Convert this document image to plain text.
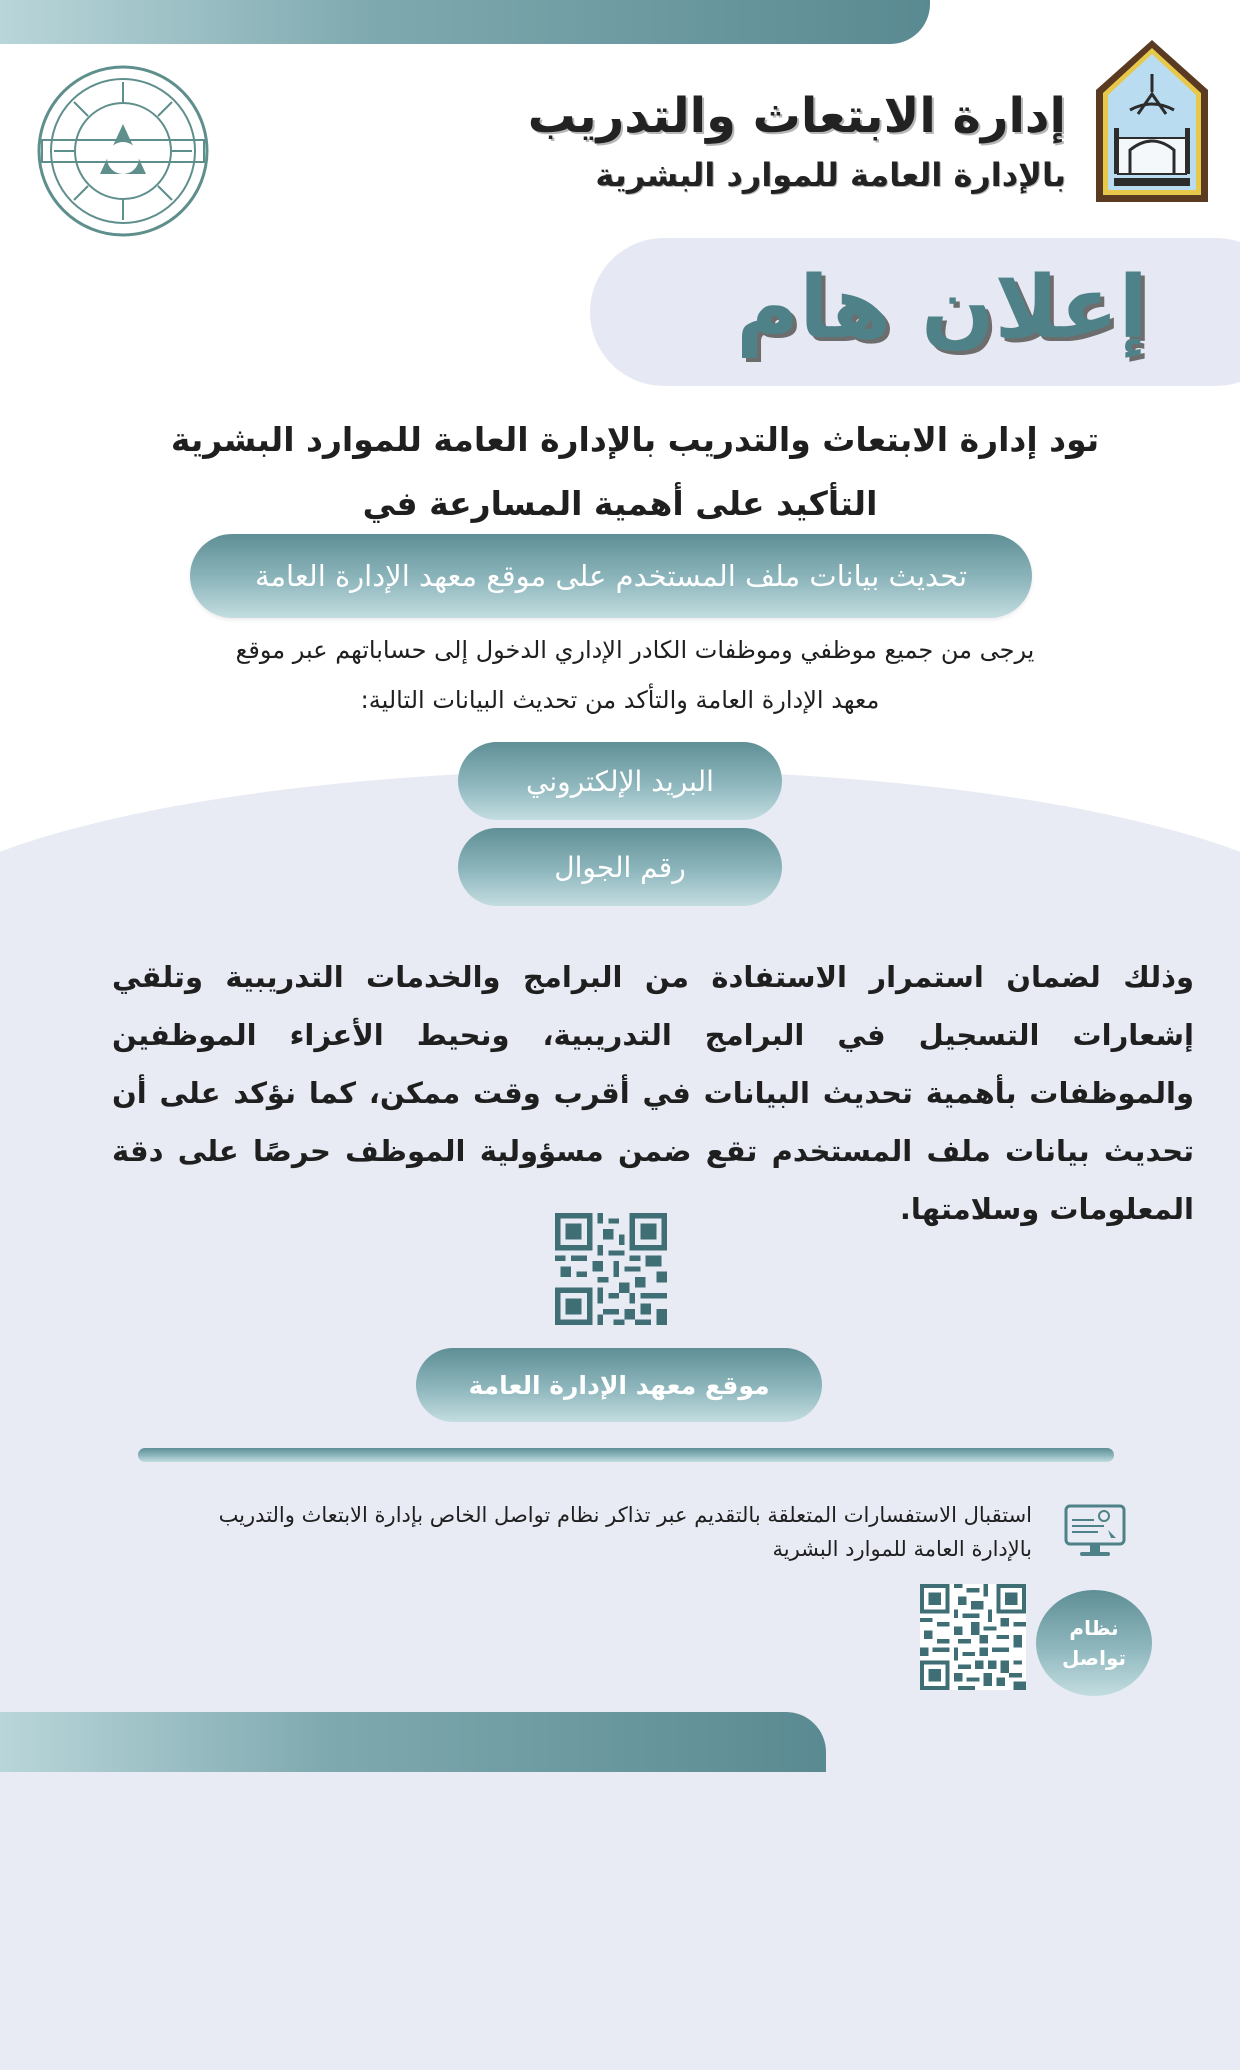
إدارة الابتعاث والتدريب
بالإدارة العامة للموارد البشرية
إعلان هام
تود إدارة الابتعاث والتدريب بالإدارة العامة للموارد البشرية
التأكيد على أهمية المسارعة في
تحديث بيانات ملف المستخدم على موقع معهد الإدارة العامة
يرجى من جميع موظفي وموظفات الكادر الإداري الدخول إلى حساباتهم عبر موقع
معهد الإدارة العامة والتأكد من تحديث البيانات التالية:
البريد الإلكتروني
رقم الجوال
وذلك لضمان استمرار الاستفادة من البرامج والخدمات التدريبية وتلقي إشعارات التسجيل في البرامج التدريبية، ونحيط الأعزاء الموظفين والموظفات بأهمية تحديث البيانات في أقرب وقت ممكن، كما نؤكد على أن تحديث بيانات ملف المستخدم تقع ضمن مسؤولية الموظف حرصًا على دقة المعلومات وسلامتها.
موقع معهد الإدارة العامة
استقبال الاستفسارات المتعلقة بالتقديم عبر تذاكر نظام تواصل الخاص بإدارة الابتعاث والتدريب
بالإدارة العامة للموارد البشرية
نظام
تواصل
